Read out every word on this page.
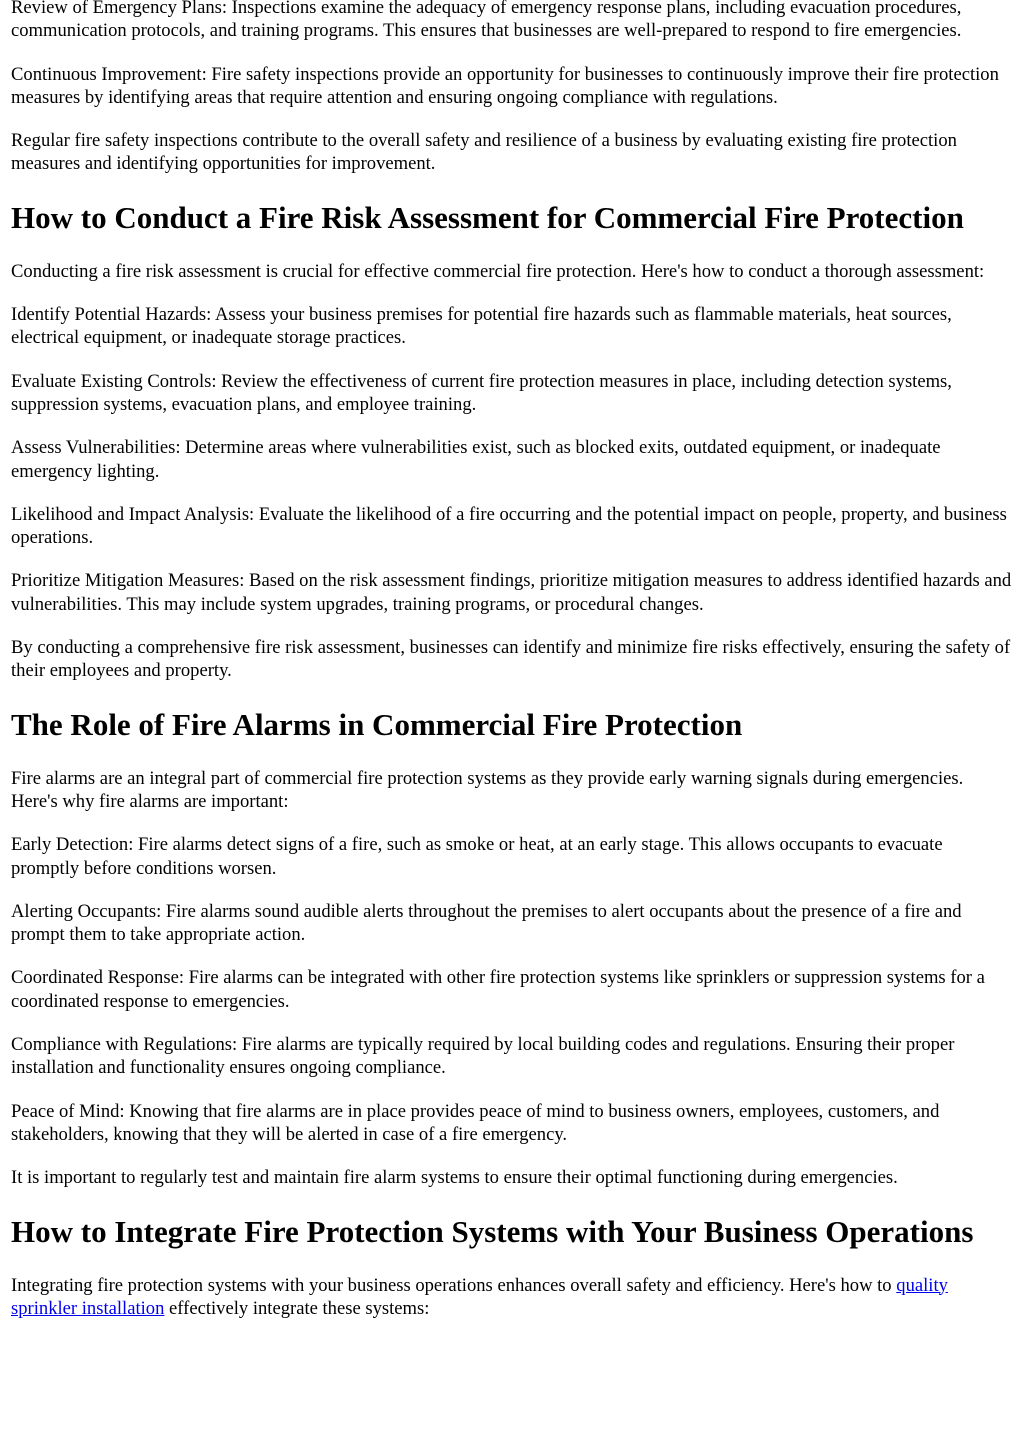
Review of Emergency Plans: Inspections examine the adequacy of emergency response plans, including evacuation procedures, communication protocols, and training programs. This ensures that businesses are well-prepared to respond to fire emergencies.

Continuous Improvement: Fire safety inspections provide an opportunity for businesses to continuously improve their fire protection measures by identifying areas that require attention and ensuring ongoing compliance with regulations.

Regular fire safety inspections contribute to the overall safety and resilience of a business by evaluating existing fire protection measures and identifying opportunities for improvement.

How to Conduct a Fire Risk Assessment for Commercial Fire Protection

Conducting a fire risk assessment is crucial for effective commercial fire protection. Here's how to conduct a thorough assessment:

Identify Potential Hazards: Assess your business premises for potential fire hazards such as flammable materials, heat sources, electrical equipment, or inadequate storage practices.

Evaluate Existing Controls: Review the effectiveness of current fire protection measures in place, including detection systems, suppression systems, evacuation plans, and employee training.

Assess Vulnerabilities: Determine areas where vulnerabilities exist, such as blocked exits, outdated equipment, or inadequate emergency lighting.

Likelihood and Impact Analysis: Evaluate the likelihood of a fire occurring and the potential impact on people, property, and business operations.

Prioritize Mitigation Measures: Based on the risk assessment findings, prioritize mitigation measures to address identified hazards and vulnerabilities. This may include system upgrades, training programs, or procedural changes.

By conducting a comprehensive fire risk assessment, businesses can identify and minimize fire risks effectively, ensuring the safety of their employees and property.

The Role of Fire Alarms in Commercial Fire Protection

Fire alarms are an integral part of commercial fire protection systems as they provide early warning signals during emergencies. Here's why fire alarms are important:

Early Detection: Fire alarms detect signs of a fire, such as smoke or heat, at an early stage. This allows occupants to evacuate promptly before conditions worsen.

Alerting Occupants: Fire alarms sound audible alerts throughout the premises to alert occupants about the presence of a fire and prompt them to take appropriate action.

Coordinated Response: Fire alarms can be integrated with other fire protection systems like sprinklers or suppression systems for a coordinated response to emergencies.

Compliance with Regulations: Fire alarms are typically required by local building codes and regulations. Ensuring their proper installation and functionality ensures ongoing compliance.

Peace of Mind: Knowing that fire alarms are in place provides peace of mind to business owners, employees, customers, and stakeholders, knowing that they will be alerted in case of a fire emergency.

It is important to regularly test and maintain fire alarm systems to ensure their optimal functioning during emergencies.

How to Integrate Fire Protection Systems with Your Business Operations

Integrating fire protection systems with your business operations enhances overall safety and efficiency. Here's how to quality sprinkler installation effectively integrate these systems:
